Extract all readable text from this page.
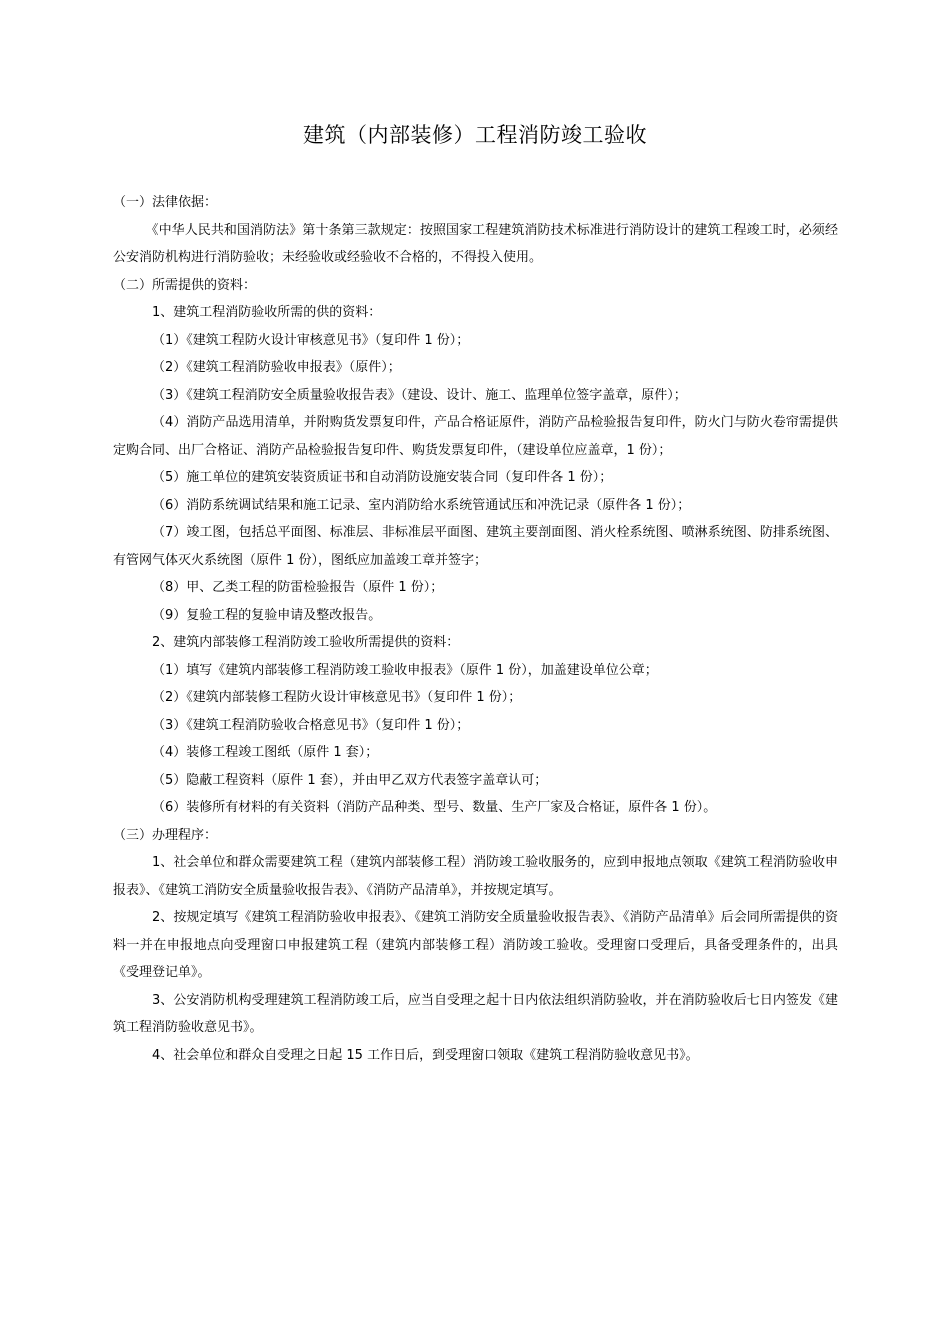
建筑（内部装修）工程消防竣工验收

（一）法律依据：

《中华人民共和国消防法》第十条第三款规定：按照国家工程建筑消防技术标准进行消防设计的建筑工程竣工时，必须经公安消防机构进行消防验收；未经验收或经验收不合格的，不得投入使用。

（二）所需提供的资料：

1、建筑工程消防验收所需的供的资料：

（1）《建筑工程防火设计审核意见书》（复印件 1 份）；

（2）《建筑工程消防验收申报表》（原件）；

（3）《建筑工程消防安全质量验收报告表》（建设、设计、施工、监理单位签字盖章，原件）；

（4）消防产品选用清单，并附购货发票复印件，产品合格证原件，消防产品检验报告复印件，防火门与防火卷帘需提供定购合同、出厂合格证、消防产品检验报告复印件、购货发票复印件，（建设单位应盖章，1 份）；

（5）施工单位的建筑安装资质证书和自动消防设施安装合同（复印件各 1 份）；

（6）消防系统调试结果和施工记录、室内消防给水系统管通试压和冲洗记录（原件各 1 份）；

（7）竣工图，包括总平面图、标准层、非标准层平面图、建筑主要剖面图、消火栓系统图、喷淋系统图、防排系统图、有管网气体灭火系统图（原件 1 份），图纸应加盖竣工章并签字；

（8）甲、乙类工程的防雷检验报告（原件 1 份）；

（9）复验工程的复验申请及整改报告。

2、建筑内部装修工程消防竣工验收所需提供的资料：

（1）填写《建筑内部装修工程消防竣工验收申报表》（原件 1 份），加盖建设单位公章；

（2）《建筑内部装修工程防火设计审核意见书》（复印件 1 份）；

（3）《建筑工程消防验收合格意见书》（复印件 1 份）；

（4）装修工程竣工图纸（原件 1 套）；

（5）隐蔽工程资料（原件 1 套），并由甲乙双方代表签字盖章认可；

（6）装修所有材料的有关资料（消防产品种类、型号、数量、生产厂家及合格证，原件各 1 份）。

（三）办理程序：

1、社会单位和群众需要建筑工程（建筑内部装修工程）消防竣工验收服务的，应到申报地点领取《建筑工程消防验收申报表》、《建筑工消防安全质量验收报告表》、《消防产品清单》，并按规定填写。

2、按规定填写《建筑工程消防验收申报表》、《建筑工消防安全质量验收报告表》、《消防产品清单》后会同所需提供的资料一并在申报地点向受理窗口申报建筑工程（建筑内部装修工程）消防竣工验收。受理窗口受理后，具备受理条件的，出具《受理登记单》。

3、公安消防机构受理建筑工程消防竣工后，应当自受理之起十日内依法组织消防验收，并在消防验收后七日内签发《建筑工程消防验收意见书》。

4、社会单位和群众自受理之日起 15 工作日后，到受理窗口领取《建筑工程消防验收意见书》。
